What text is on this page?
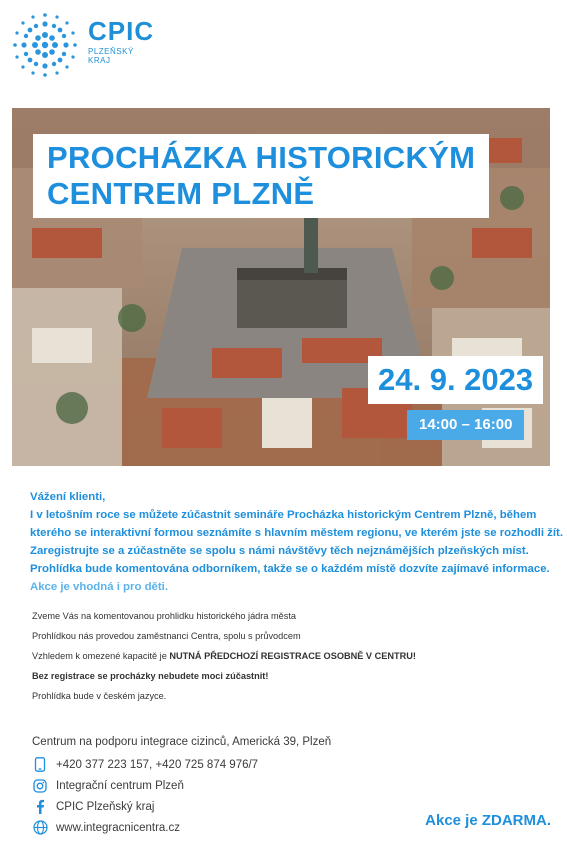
CPIC
PLZEŇSKÝ
KRAJ
PROCHÁZKA HISTORICKÝM
CENTREM PLZNĚ
24. 9. 2023
14:00 – 16:00

Vážení klienti,

I v letošním roce se můžete zúčastnit semináře Procházka historickým Centrem Plzně, během

kterého se interaktivní formou seznámíte s hlavním městem regionu, ve kterém jste se rozhodli žít.

Zaregistrujte se a zúčastněte se spolu s námi návštěvy těch nejznámějších plzeňských míst.

Prohlídka bude komentována odborníkem, takže se o každém místě dozvíte zajímavé informace.

Akce je vhodná i pro děti.

Zveme Vás na komentovanou prohlidku historického jádra města

Prohlídkou nás provedou zaměstnanci Centra, spolu s průvodcem

Vzhledem k omezené kapacitě je NUTNÁ PŘEDCHOZÍ REGISTRACE OSOBNĚ V CENTRU!

Bez registrace se procházky nebudete moci zúčastnit!

Prohlídka bude v českém jazyce.

Centrum na podporu integrace cizinců, Americká 39, Plzeň
+420 377 223 157, +420 725 874 976/7
Integrační centrum Plzeň
CPIC Plzeňský kraj
www.integracnicentra.cz	Akce je ZDARMA.
